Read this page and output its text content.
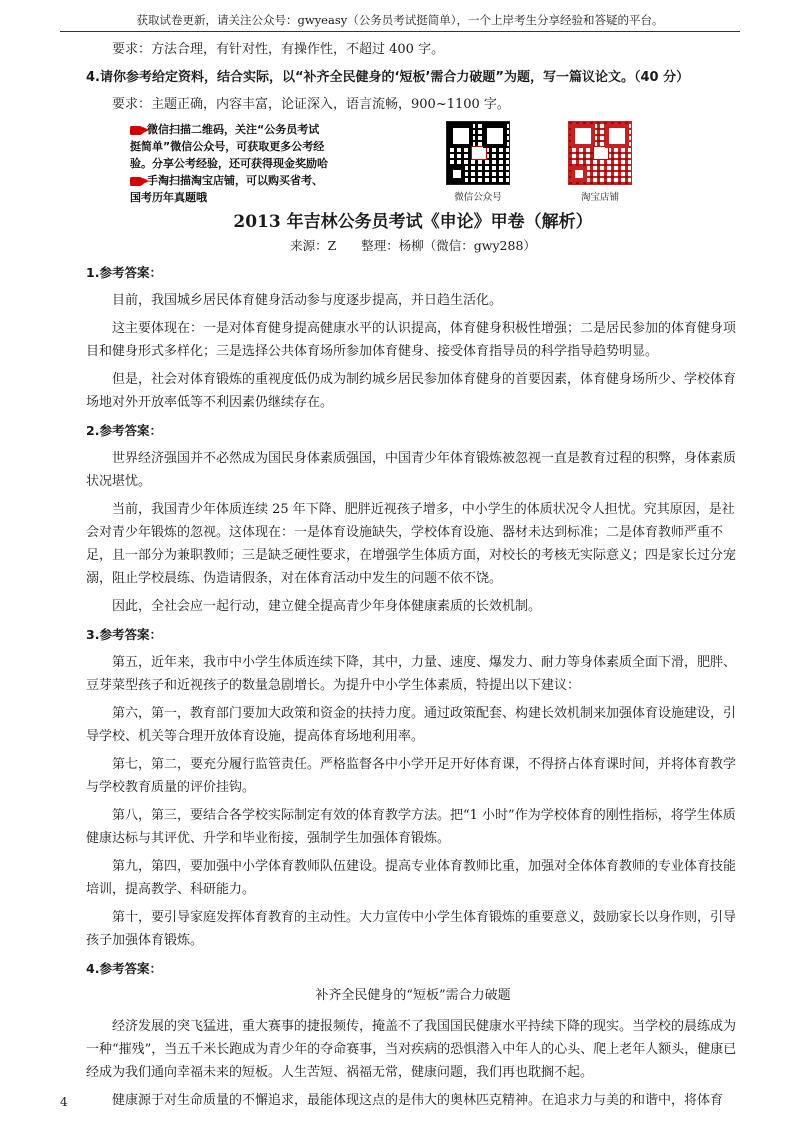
获取试卷更新，请关注公众号：gwyeasy（公务员考试挺简单），一个上岸考生分享经验和答疑的平台。

要求：方法合理，有针对性，有操作性，不超过 400 字。

4.请你参考给定资料，结合实际，以“补齐全民健身的‘短板’需合力破题”为题，写一篇议论文。（40 分）

要求：主题正确，内容丰富，论证深入，语言流畅，900~1100 字。

微信扫描二维码，关注“公务员考试
挺简单”微信公众号，可获取更多公考经
验。分享公考经验，还可获得现金奖励哈
手淘扫描淘宝店铺，可以购买省考、
国考历年真题哦	微信公众号	淘宝店铺
2013 年吉林公务员考试《申论》甲卷（解析）
来源：Z　　整理：杨柳（微信：gwy288）
1.参考答案：

目前，我国城乡居民体育健身活动参与度逐步提高，并日趋生活化。

这主要体现在：一是对体育健身提高健康水平的认识提高，体育健身积极性增强；二是居民参加的体育健身项目和健身形式多样化；三是选择公共体育场所参加体育健身、接受体育指导员的科学指导趋势明显。

但是，社会对体育锻炼的重视度低仍成为制约城乡居民参加体育健身的首要因素，体育健身场所少、学校体育场地对外开放率低等不利因素仍继续存在。

2.参考答案：

世界经济强国并不必然成为国民身体素质强国，中国青少年体育锻炼被忽视一直是教育过程的积弊，身体素质状况堪忧。

当前，我国青少年体质连续 25 年下降、肥胖近视孩子增多，中小学生的体质状况令人担忧。究其原因，是社会对青少年锻炼的忽视。这体现在：一是体育设施缺失，学校体育设施、器材未达到标准；二是体育教师严重不足，且一部分为兼职教师；三是缺乏硬性要求，在增强学生体质方面，对校长的考核无实际意义；四是家长过分宠溺，阻止学校晨练、伪造请假条，对在体育活动中发生的问题不依不饶。

因此，全社会应一起行动，建立健全提高青少年身体健康素质的长效机制。

3.参考答案：

第五，近年来，我市中小学生体质连续下降，其中，力量、速度、爆发力、耐力等身体素质全面下滑，肥胖、豆芽菜型孩子和近视孩子的数量急剧增长。为提升中小学生体素质，特提出以下建议：

第六，第一，教育部门要加大政策和资金的扶持力度。通过政策配套、构建长效机制来加强体育设施建设，引导学校、机关等合理开放体育设施，提高体育场地利用率。

第七，第二，要充分履行监管责任。严格监督各中小学开足开好体育课，不得挤占体育课时间，并将体育教学与学校教育质量的评价挂钩。

第八，第三，要结合各学校实际制定有效的体育教学方法。把“1 小时”作为学校体育的刚性指标，将学生体质健康达标与其评优、升学和毕业衔接，强制学生加强体育锻炼。

第九，第四，要加强中小学体育教师队伍建设。提高专业体育教师比重，加强对全体体育教师的专业体育技能培训，提高教学、科研能力。

第十，要引导家庭发挥体育教育的主动性。大力宣传中小学生体育锻炼的重要意义，鼓励家长以身作则，引导孩子加强体育锻炼。

4.参考答案：
补齐全民健身的“短板”需合力破题

经济发展的突飞猛进，重大赛事的捷报频传，掩盖不了我国国民健康水平持续下降的现实。当学校的晨练成为一种“摧残”，当五千米长跑成为青少年的夺命赛事，当对疾病的恐惧潜入中年人的心头、爬上老年人额头，健康已经成为我们通向幸福未来的短板。人生苦短、祸福无常，健康问题，我们再也耽搁不起。

健康源于对生命质量的不懈追求，最能体现这点的是伟大的奥林匹克精神。在追求力与美的和谐中，将体育

4
